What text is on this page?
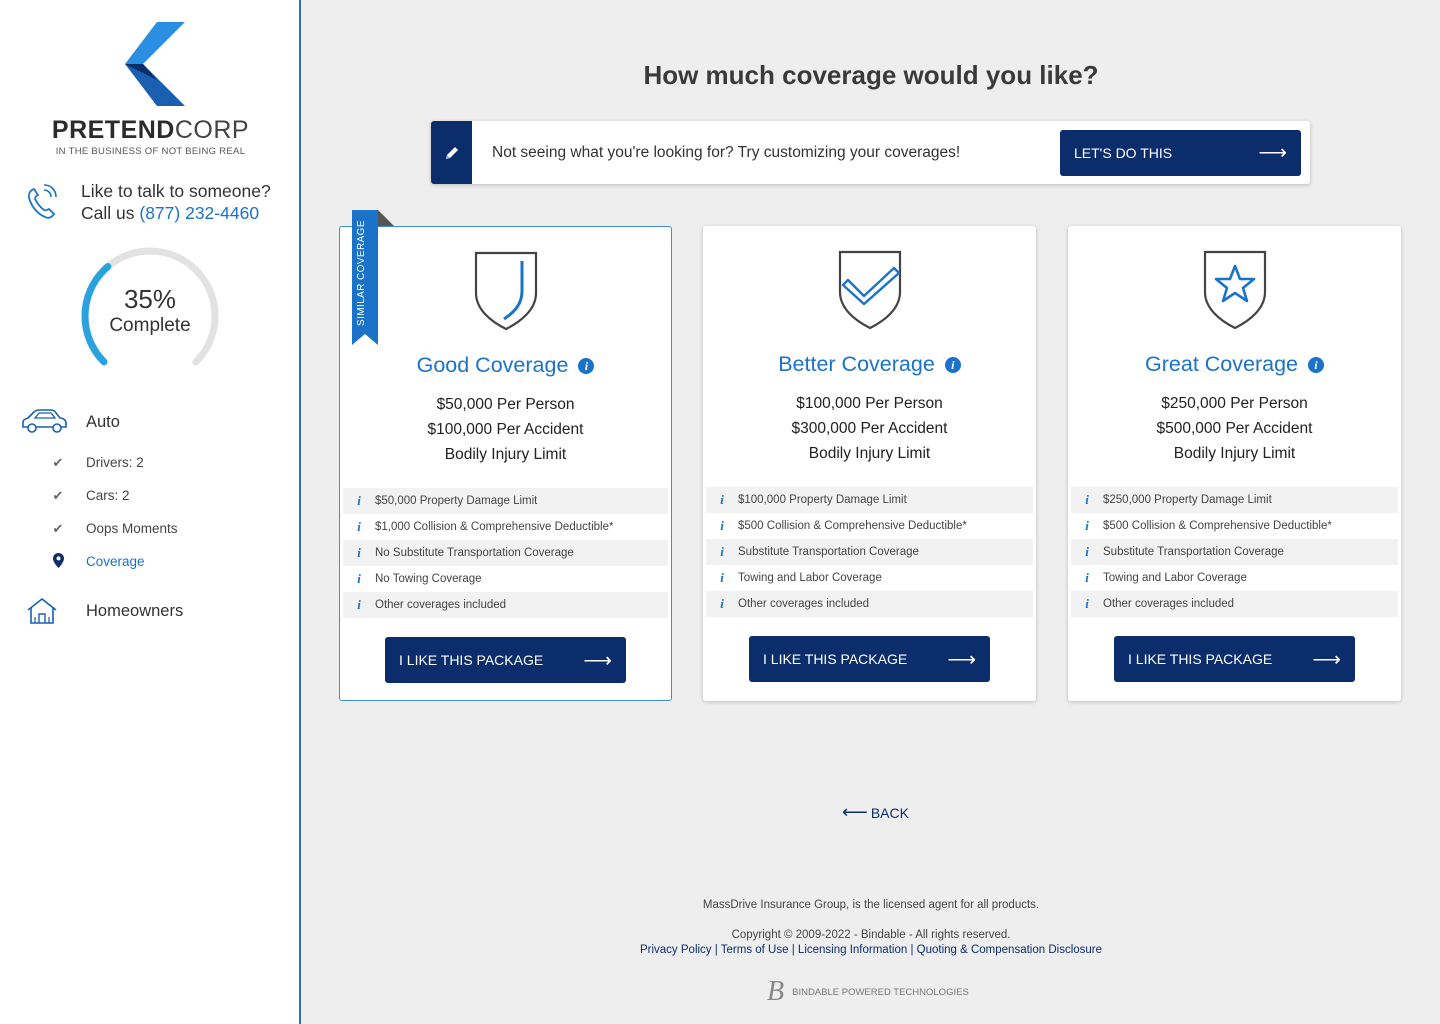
PRETENDCORP
IN THE BUSINESS OF NOT BEING REAL
Like to talk to someone?
Call us (877) 232-4460
35%
Complete
Auto
✔ Drivers: 2
✔ Cars: 2
✔ Oops Moments
Coverage
Homeowners
How much coverage would you like?
Not seeing what you're looking for? Try customizing your coverages!	LET'S DO THIS	⟶
SIMILAR COVERAGE
Good Coverage i
$50,000 Per Person
$100,000 Per Accident
Bodily Injury Limit
i	$50,000 Property Damage Limit
i	$1,000 Collision & Comprehensive Deductible*
i	No Substitute Transportation Coverage
i	No Towing Coverage
i	Other coverages included
I LIKE THIS PACKAGE ⟶
Better Coverage i
$100,000 Per Person
$300,000 Per Accident
Bodily Injury Limit
i	$100,000 Property Damage Limit
i	$500 Collision & Comprehensive Deductible*
i	Substitute Transportation Coverage
i	Towing and Labor Coverage
i	Other coverages included
I LIKE THIS PACKAGE ⟶
Great Coverage i
$250,000 Per Person
$500,000 Per Accident
Bodily Injury Limit
i	$250,000 Property Damage Limit
i	$500 Collision & Comprehensive Deductible*
i	Substitute Transportation Coverage
i	Towing and Labor Coverage
i	Other coverages included
I LIKE THIS PACKAGE ⟶
⟵ BACK
MassDrive Insurance Group, is the licensed agent for all products.
Copyright © 2009-2022 - Bindable - All rights reserved.
Privacy Policy | Terms of Use | Licensing Information | Quoting & Compensation Disclosure
B BINDABLE POWERED TECHNOLOGIES
